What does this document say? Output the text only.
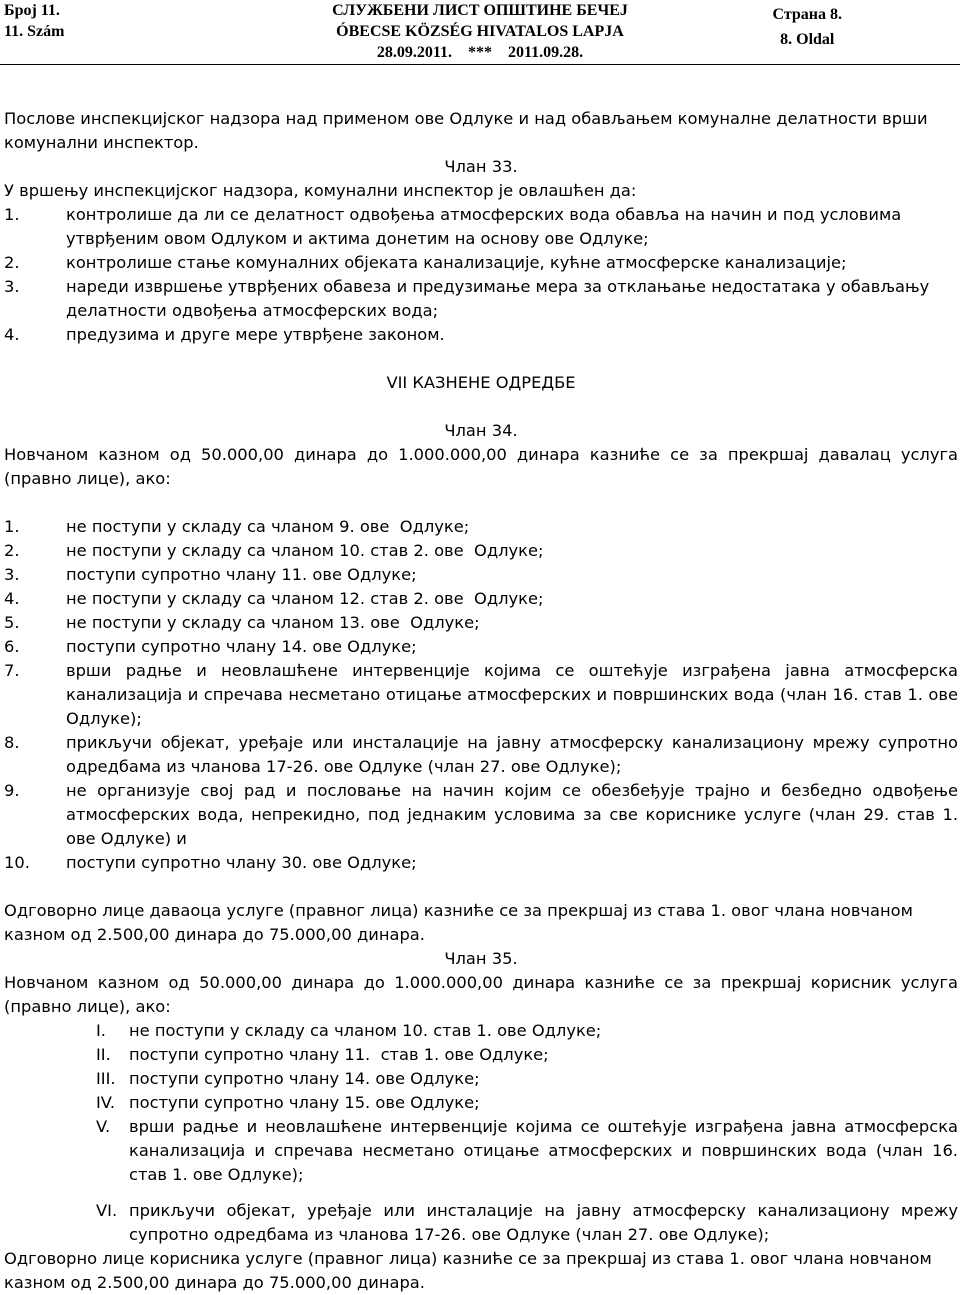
Број 11.
11. Szám
СЛУЖБЕНИ ЛИСТ ОПШТИНЕ БЕЧЕЈ
ÓBECSE KÖZSÉG HIVATALOS LAPJA
28.09.2011.    ***    2011.09.28.
Страна 8.
8. Oldal

Послове инспекцијског надзора над применом ове Одлуке и над обављањем комуналне делатности врши комунални инспектор.

Члан 33.

У вршењу инспекцијског надзора, комунални инспектор је овлашћен да:

1.	контролише да ли се делатност одвођења атмосферских вода обавља на начин и под условима утврђеним овом Одлуком и актима донетим на основу ове Одлуке;
2.	контролише стање комуналних објеката канализације, кућне атмосферске канализације;
3.	нареди извршење утврђених обавеза и предузимање мера за отклањање недостатака у обављању делатности одвођења атмосферских вода;
4.	предузима и друге мере утврђене законом.

VII КАЗНЕНЕ ОДРЕДБЕ

Члан 34.

Новчаном казном од 50.000,00 динара до 1.000.000,00 динара казниће се за прекршај давалац услуга (правно лице), ако:

1.	не поступи у складу са чланом 9. ове  Одлуке;
2.	не поступи у складу са чланом 10. став 2. ове  Одлуке;
3.	поступи супротно члану 11. ове Одлуке;
4.	не поступи у складу са чланом 12. став 2. ове  Одлуке;
5.	не поступи у складу са чланом 13. ове  Одлуке;
6.	поступи супротно члану 14. ове Одлуке;
7.	врши радње и неовлашћене интервенције којима се оштећује изграђена јавна атмосферска канализација и спречава несметано отицање атмосферских и површинских вода (члан 16. став 1. ове Одлуке);
8.	прикључи објекат, уређаје или инсталације на јавну атмосферску канализациону мрежу супротно одредбама из чланова 17-26. ове Одлуке (члан 27. ове Одлуке);
9.	не организује свој рад и пословање на начин којим се обезбеђује трајно и безбедно одвођење атмосферских вода, непрекидно, под једнаким условима за све кориснике услуге (члан 29. став 1. ове Одлуке) и
10.	поступи супротно члану 30. ове Одлуке;

Одговорно лице даваоца услуге (правног лица) казниће се за прекршај из става 1. овог члана новчаном казном од 2.500,00 динара до 75.000,00 динара.

Члан 35.

Новчаном казном од 50.000,00 динара до 1.000.000,00 динара казниће се за прекршај корисник услуга (правно лице), ако:

I.	не поступи у складу са чланом 10. став 1. ове Одлуке;
II.	поступи супротно члану 11.  став 1. ове Одлуке;
III. поступи супротно члану 14. ове Одлуке;
IV. поступи супротно члану 15. ове Одлуке;
V.	врши радње и неовлашћене интервенције којима се оштећује изграђена јавна атмосферска канализација и спречава несметано отицање атмосферских и површинских вода (члан 16. став 1. ове Одлуке);
VI. прикључи објекат, уређаје или инсталације на јавну атмосферску канализациону мрежу супротно одредбама из чланова 17-26. ове Одлуке (члан 27. ове Одлуке);

Одговорно лице корисника услуге (правног лица) казниће се за прекршај из става 1. овог члана новчаном казном од 2.500,00 динара до 75.000,00 динара.
